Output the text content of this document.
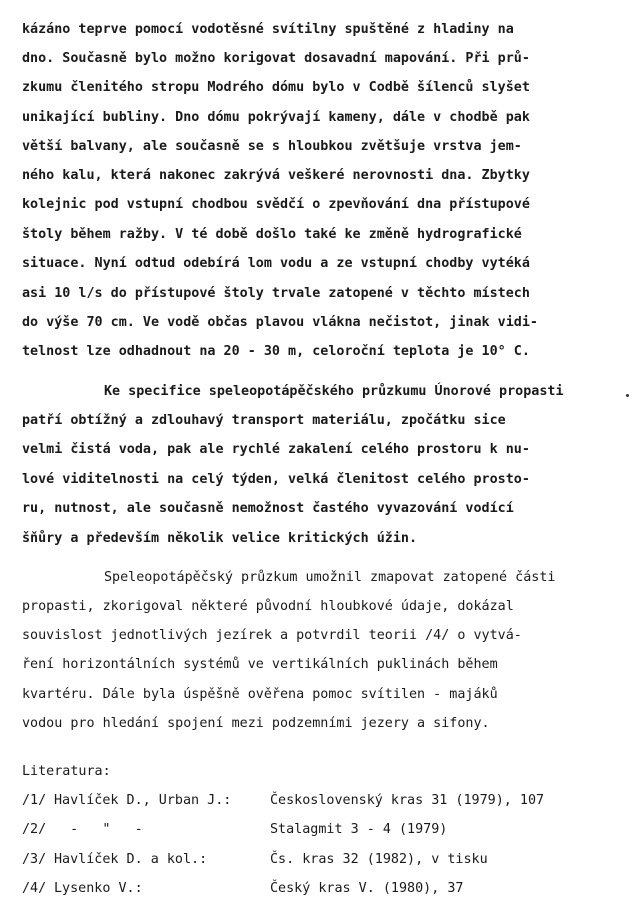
kázáno teprve pomocí vodotěsné svítilny spuštěné z hladiny na
dno. Současně bylo možno korigovat dosavadní mapování. Při prů-
zkumu členitého stropu Modrého dómu bylo v Codbě šílenců slyšet
unikající bubliny. Dno dómu pokrývají kameny, dále v chodbě pak
větší balvany, ale současně se s hloubkou zvětšuje vrstva jem-
ného kalu, která nakonec zakrývá veškeré nerovnosti dna. Zbytky
kolejnic pod vstupní chodbou svědčí o zpevňování dna přístupové
štoly během ražby. V té době došlo také ke změně hydrografické
situace. Nyní odtud odebírá lom vodu a ze vstupní chodby vytéká
asi 10 l/s do přístupové štoly trvale zatopené v těchto místech
do výše 70 cm. Ve vodě občas plavou vlákna nečistot, jinak vidi-
telnost lze odhadnout na 20 - 30 m, celoroční teplota je 10° C.
Ke specifice speleopotápěčského průzkumu Únorové propasti
patří obtížný a zdlouhavý transport materiálu, zpočátku sice
velmi čistá voda, pak ale rychlé zakalení celého prostoru k nu-
lové viditelnosti na celý týden, velká členitost celého prosto-
ru, nutnost, ale současně nemožnost častého vyvazování vodící
šňůry a především několik velice kritických úžin.
Speleopotápěčský průzkum umožnil zmapovat zatopené části
propasti, zkorigoval některé původní hloubkové údaje, dokázal
souvislost jednotlivých jezírek a potvrdil teorii /4/ o vytvá-
ření horizontálních systémů ve vertikálních puklinách během
kvartéru. Dále byla úspěšně ověřena pomoc svítilen - majáků
vodou pro hledání spojení mezi podzemními jezery a sifony.
Literatura:
/1/ Havlíček D., Urban J.:	Československý kras 31 (1979), 107
/2/ -   "   -	Stalagmit 3 - 4 (1979)
/3/ Havlíček D. a kol.:	Čs. kras 32 (1982), v tisku
/4/ Lysenko V.:	Český kras V. (1980), 37
